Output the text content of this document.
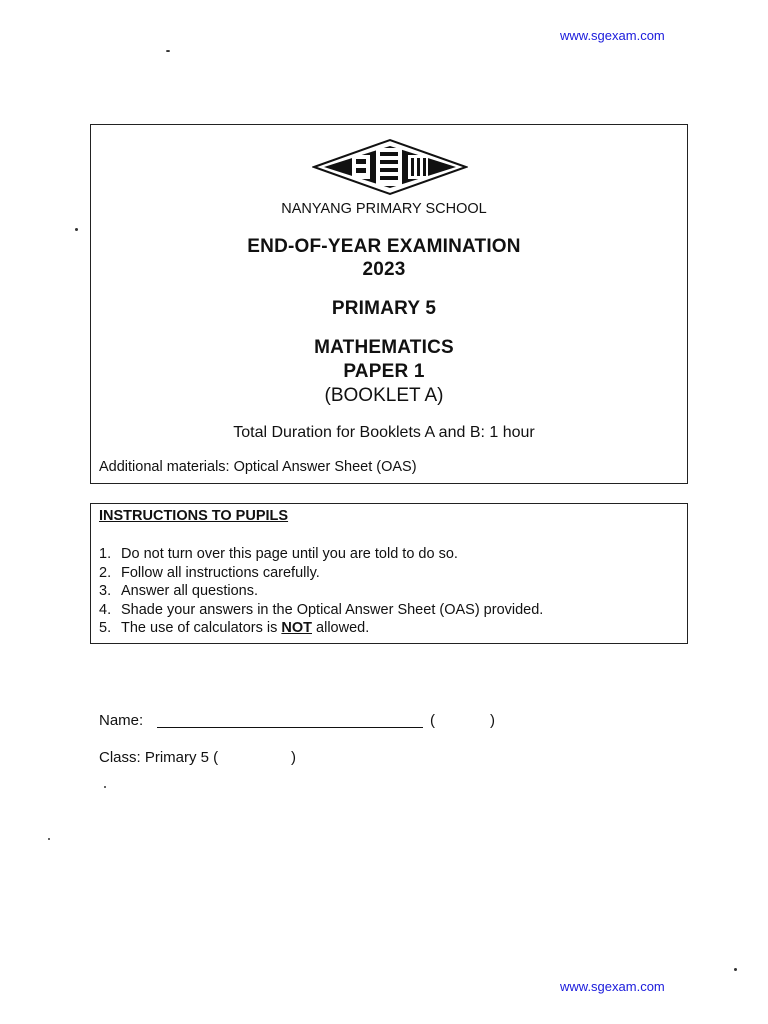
www.sgexam.com
NANYANG PRIMARY SCHOOL
END-OF-YEAR EXAMINATION
2023
PRIMARY 5
MATHEMATICS
PAPER 1
(BOOKLET A)
Total Duration for Booklets A and B: 1 hour
Additional materials: Optical Answer Sheet (OAS)
INSTRUCTIONS TO PUPILS
1. Do not turn over this page until you are told to do so.
2. Follow all instructions carefully.
3. Answer all questions.
4. Shade your answers in the Optical Answer Sheet (OAS) provided.
5. The use of calculators is NOT allowed.
Name:	(	)
Class: Primary 5 (	)
www.sgexam.com
